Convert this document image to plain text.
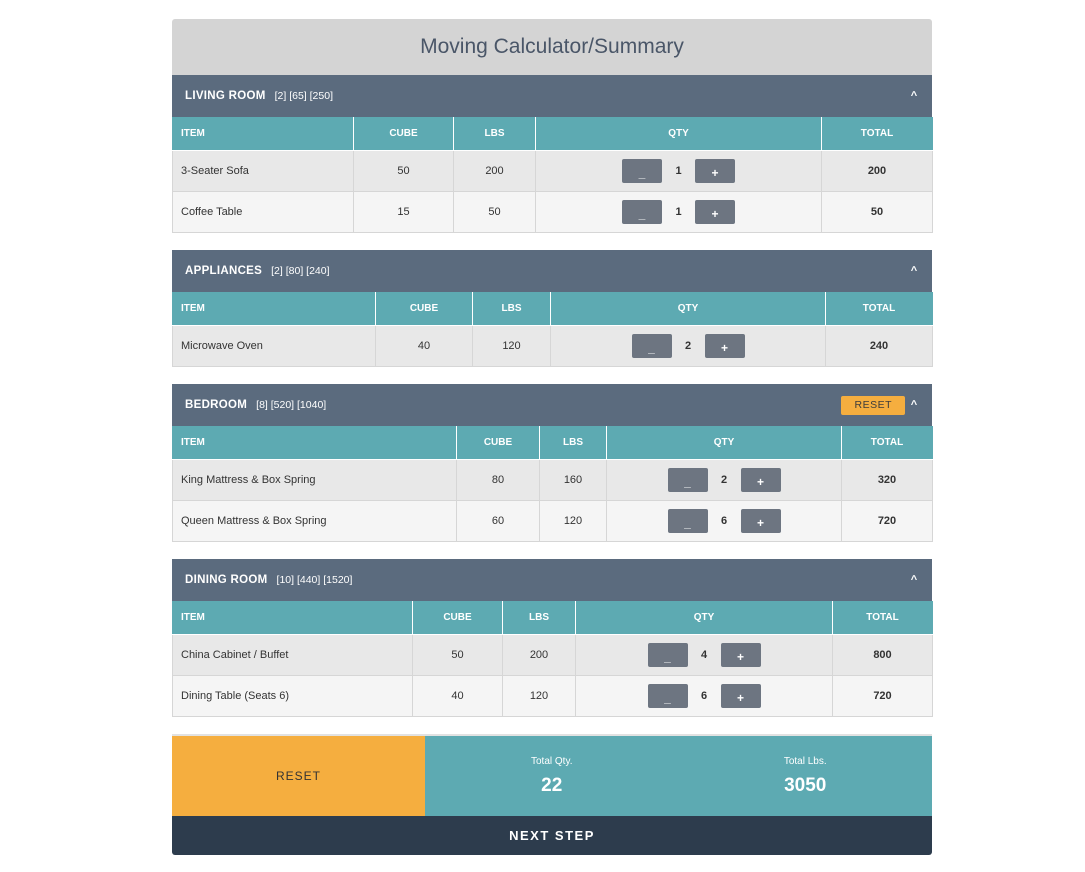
Moving Calculator/Summary
LIVING ROOM [2] [65] [250]	^
ITEM	CUBE	LBS	QTY	TOTAL
3-Seater Sofa	50	200	_ 1 +	200
Coffee Table	15	50	_ 1 +	50
APPLIANCES [2] [80] [240]	^
ITEM	CUBE	LBS	QTY	TOTAL
Microwave Oven	40	120	_ 2 +	240
BEDROOM [8] [520] [1040]	RESET	^
ITEM	CUBE	LBS	QTY	TOTAL
King Mattress & Box Spring	80	160	_ 2 +	320
Queen Mattress & Box Spring	60	120	_ 6 +	720
DINING ROOM [10] [440] [1520]	^
ITEM	CUBE	LBS	QTY	TOTAL
China Cabinet / Buffet	50	200	_ 4 +	800
Dining Table (Seats 6)	40	120	_ 6 +	720
RESET
Total Qty.
22
Total Lbs.
3050
NEXT STEP
